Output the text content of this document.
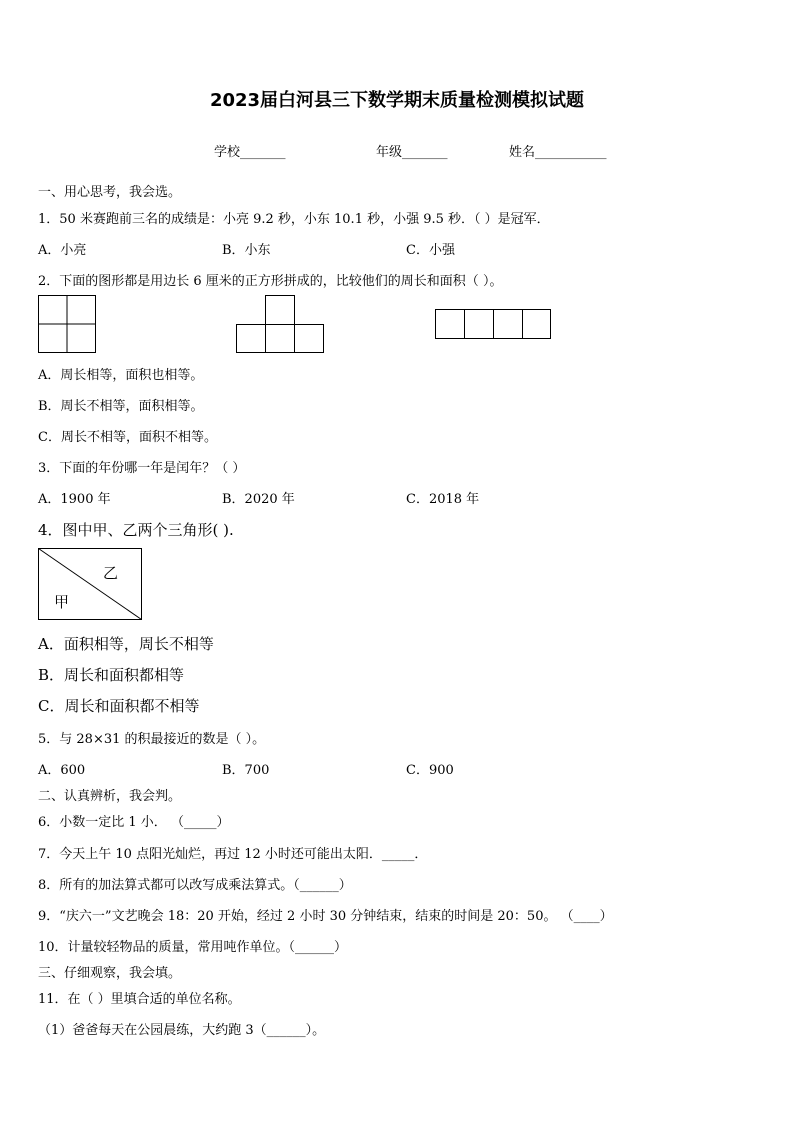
2023届白河县三下数学期末质量检测模拟试题
学校_______	年级_______	姓名___________
一、用心思考，我会选。
1．50 米赛跑前三名的成绩是：小亮 9.2 秒，小东 10.1 秒，小强 9.5 秒．（ ）是冠军．
A．小亮	B．小东	C．小强
2．下面的图形都是用边长 6 厘米的正方形拼成的，比较他们的周长和面积（ ）。
A．周长相等，面积也相等。
B．周长不相等，面积相等。
C．周长不相等，面积不相等。
3．下面的年份哪一年是闰年？（ ）
A．1900 年	B．2020 年	C．2018 年
4．图中甲、乙两个三角形( ).
乙
甲
A．面积相等，周长不相等
B．周长和面积都相等
C．周长和面积都不相等
5．与 28×31 的积最接近的数是（ ）。
A．600	B．700	C．900
二、认真辨析，我会判。
6．小数一定比 1 小． （_____）
7．今天上午 10 点阳光灿烂，再过 12 小时还可能出太阳．_____．
8．所有的加法算式都可以改写成乘法算式。（______）
9．“庆六一”文艺晚会 18：20 开始，经过 2 小时 30 分钟结束，结束的时间是 20：50。 （____）
10．计量较轻物品的质量，常用吨作单位。（______）
三、仔细观察，我会填。
11．在（ ）里填合适的单位名称。
（1）爸爸每天在公园晨练，大约跑 3（______）。
